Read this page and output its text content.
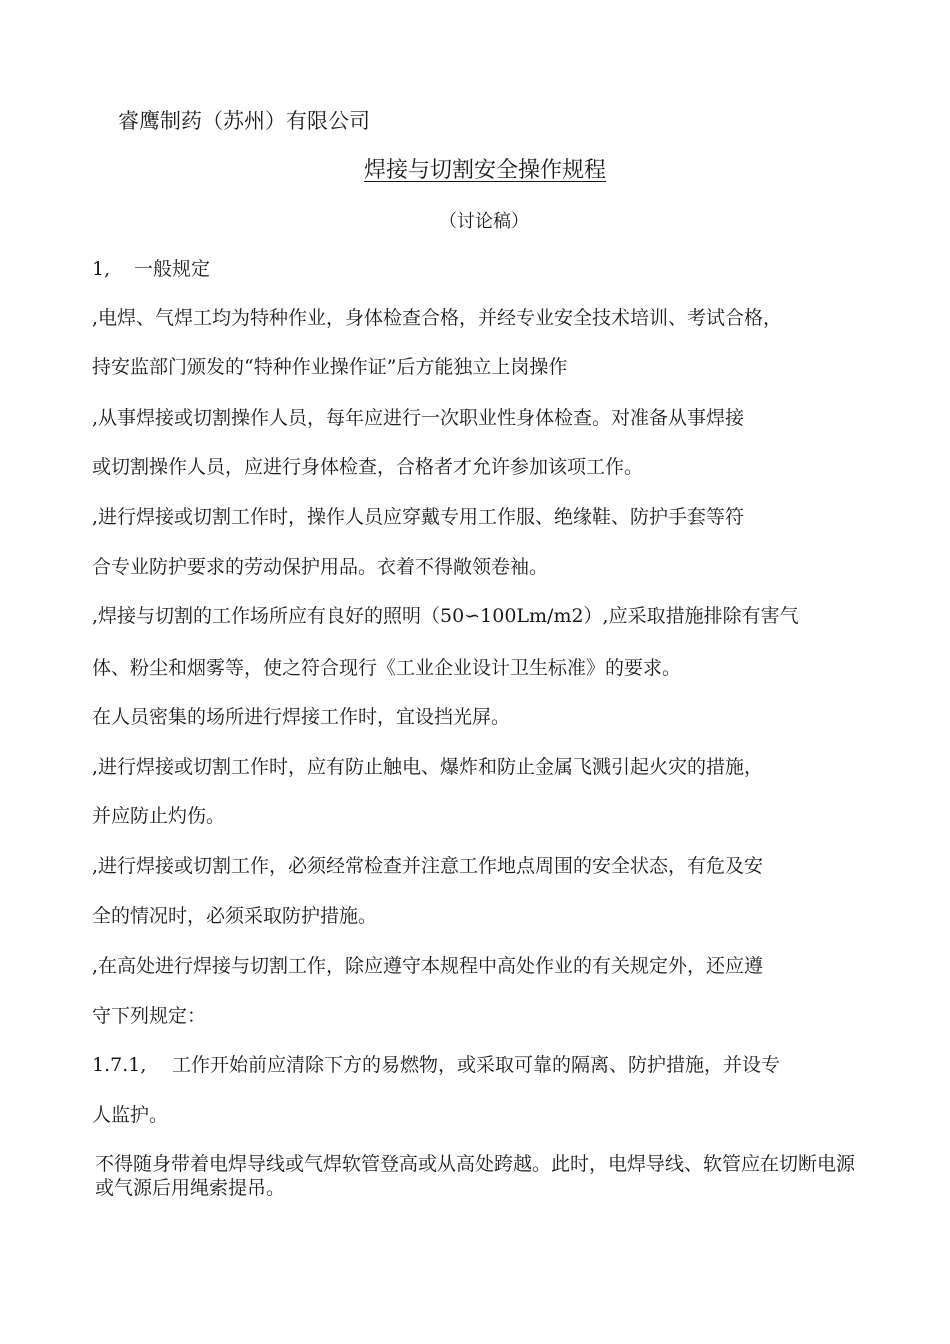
睿鹰制药（苏州）有限公司
焊接与切割安全操作规程
（讨论稿）
1, 一般规定
,电焊、气焊工均为特种作业，身体检查合格，并经专业安全技术培训、考试合格，
持安监部门颁发的“特种作业操作证”后方能独立上岗操作
,从事焊接或切割操作人员，每年应进行一次职业性身体检查。对准备从事焊接
或切割操作人员，应进行身体检查，合格者才允许参加该项工作。
,进行焊接或切割工作时，操作人员应穿戴专用工作服、绝缘鞋、防护手套等符
合专业防护要求的劳动保护用品。衣着不得敞领卷袖。
,焊接与切割的工作场所应有良好的照明（50∽100Lm/m2）,应采取措施排除有害气
体、粉尘和烟雾等，使之符合现行《工业企业设计卫生标准》的要求。
在人员密集的场所进行焊接工作时，宜设挡光屏。
,进行焊接或切割工作时，应有防止触电、爆炸和防止金属飞溅引起火灾的措施，
并应防止灼伤。
,进行焊接或切割工作，必须经常检查并注意工作地点周围的安全状态，有危及安
全的情况时，必须采取防护措施。
,在高处进行焊接与切割工作，除应遵守本规程中高处作业的有关规定外，还应遵
守下列规定：
1.7.1, 工作开始前应清除下方的易燃物，或采取可靠的隔离、防护措施，并设专
人监护。
不得随身带着电焊导线或气焊软管登高或从高处跨越。此时，电焊导线、软管应在切断电源或气源后用绳索提吊。
